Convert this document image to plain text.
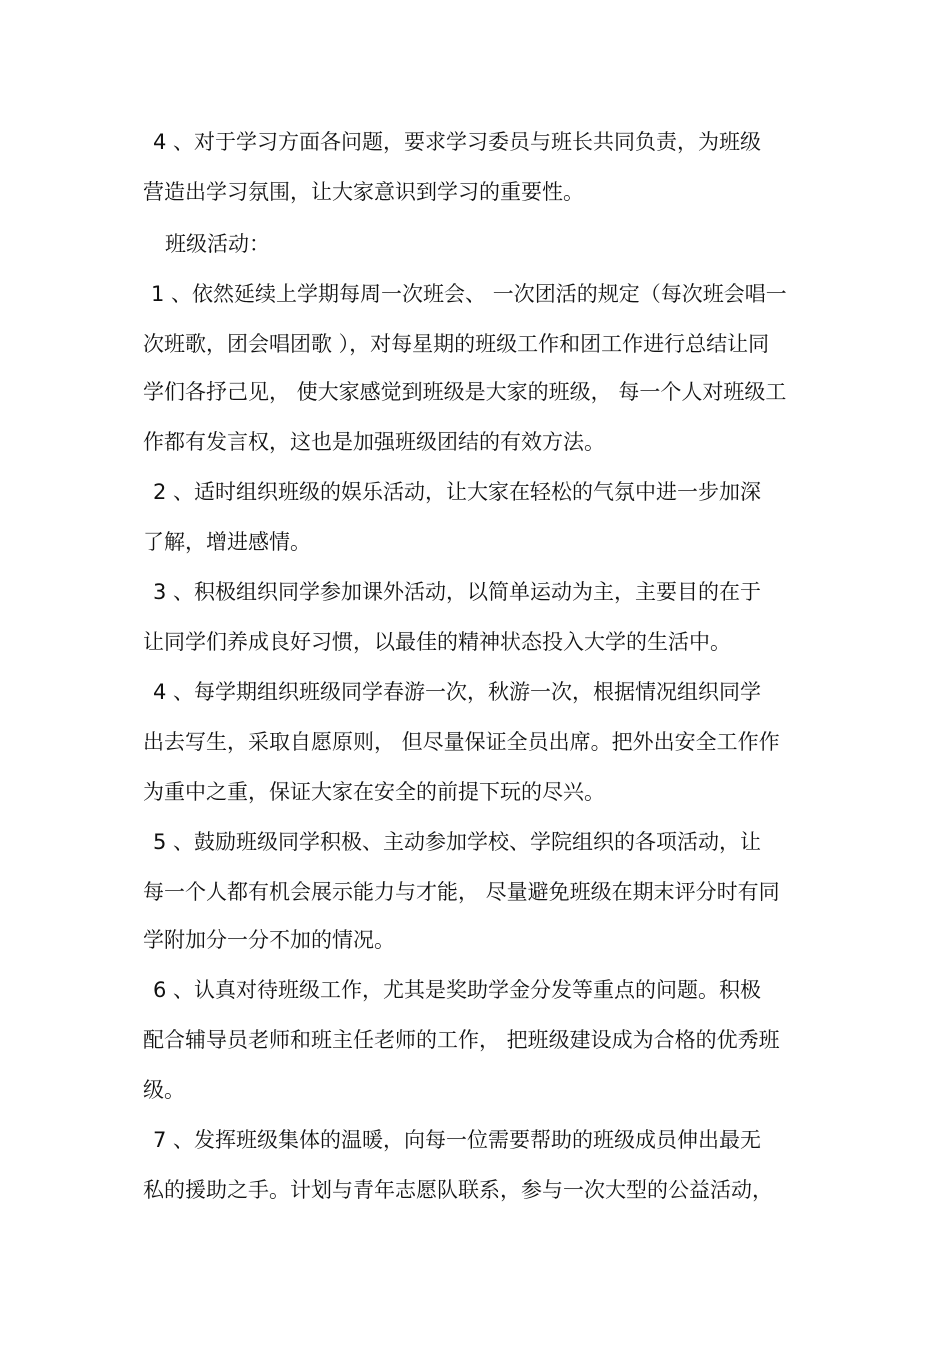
4 、对于学习方面各问题，要求学习委员与班长共同负责，为班级
营造出学习氛围，让大家意识到学习的重要性。
班级活动：
1 、依然延续上学期每周一次班会、 一次团活的规定（每次班会唱一
次班歌，团会唱团歌 ），对每星期的班级工作和团工作进行总结让同
学们各抒己见， 使大家感觉到班级是大家的班级， 每一个人对班级工
作都有发言权，这也是加强班级团结的有效方法。
2 、适时组织班级的娱乐活动，让大家在轻松的气氛中进一步加深
了解，增进感情。
3 、积极组织同学参加课外活动，以简单运动为主，主要目的在于
让同学们养成良好习惯，以最佳的精神状态投入大学的生活中。
4 、每学期组织班级同学春游一次，秋游一次，根据情况组织同学
出去写生，采取自愿原则， 但尽量保证全员出席。把外出安全工作作
为重中之重，保证大家在安全的前提下玩的尽兴。
5 、鼓励班级同学积极、主动参加学校、学院组织的各项活动，让
每一个人都有机会展示能力与才能， 尽量避免班级在期末评分时有同
学附加分一分不加的情况。
6 、认真对待班级工作，尤其是奖助学金分发等重点的问题。积极
配合辅导员老师和班主任老师的工作， 把班级建设成为合格的优秀班
级。
7 、发挥班级集体的温暖，向每一位需要帮助的班级成员伸出最无
私的援助之手。计划与青年志愿队联系，参与一次大型的公益活动，
